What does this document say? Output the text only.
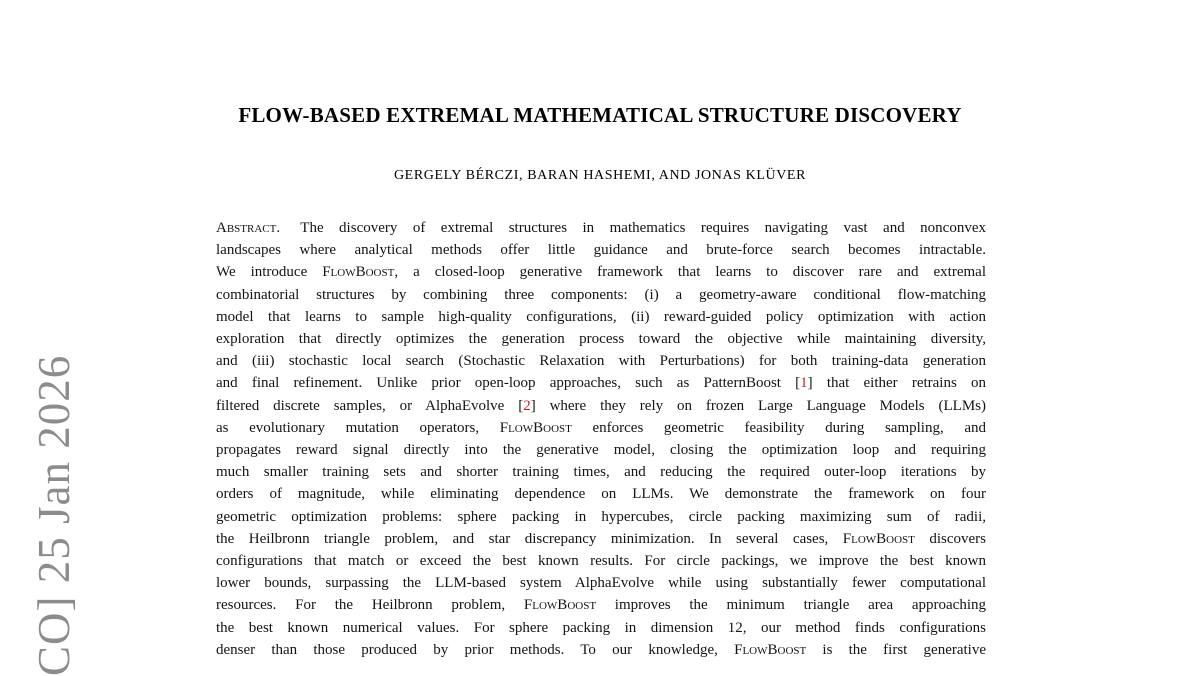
CO] 25 Jan 2026
FLOW-BASED EXTREMAL MATHEMATICAL STRUCTURE DISCOVERY
GERGELY BÉRCZI, BARAN HASHEMI, AND JONAS KLÜVER
Abstract. The discovery of extremal structures in mathematics requires navigating vast and nonconvex
landscapes where analytical methods offer little guidance and brute-force search becomes intractable.
We introduce FlowBoost, a closed-loop generative framework that learns to discover rare and extremal
combinatorial structures by combining three components: (i) a geometry-aware conditional flow-matching
model that learns to sample high-quality configurations, (ii) reward-guided policy optimization with action
exploration that directly optimizes the generation process toward the objective while maintaining diversity,
and (iii) stochastic local search (Stochastic Relaxation with Perturbations) for both training-data generation
and final refinement. Unlike prior open-loop approaches, such as PatternBoost [1] that either retrains on
filtered discrete samples, or AlphaEvolve [2] where they rely on frozen Large Language Models (LLMs)
as evolutionary mutation operators, FlowBoost enforces geometric feasibility during sampling, and
propagates reward signal directly into the generative model, closing the optimization loop and requiring
much smaller training sets and shorter training times, and reducing the required outer-loop iterations by
orders of magnitude, while eliminating dependence on LLMs. We demonstrate the framework on four
geometric optimization problems: sphere packing in hypercubes, circle packing maximizing sum of radii,
the Heilbronn triangle problem, and star discrepancy minimization. In several cases, FlowBoost discovers
configurations that match or exceed the best known results. For circle packings, we improve the best known
lower bounds, surpassing the LLM-based system AlphaEvolve while using substantially fewer computational
resources. For the Heilbronn problem, FlowBoost improves the minimum triangle area approaching
the best known numerical values. For sphere packing in dimension 12, our method finds configurations
denser than those produced by prior methods. To our knowledge, FlowBoost is the first generative
